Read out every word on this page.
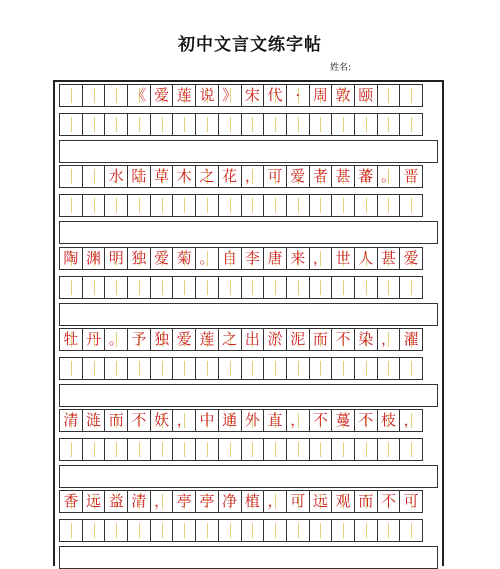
初中文言文练字帖
姓名:
《 爱 莲 说 》 宋 代 · 周 敦 颐
水 陆 草 木 之 花 ， 可 爱 者 甚 蕃 。 晋
陶 渊 明 独 爱 菊 。 自 李 唐 来 ， 世 人 甚 爱
牡 丹 。 予 独 爱 莲 之 出 淤 泥 而 不 染 ， 濯
清 涟 而 不 妖 ， 中 通 外 直 ， 不 蔓 不 枝 ，
香 远 益 清 ， 亭 亭 净 植 ， 可 远 观 而 不 可
